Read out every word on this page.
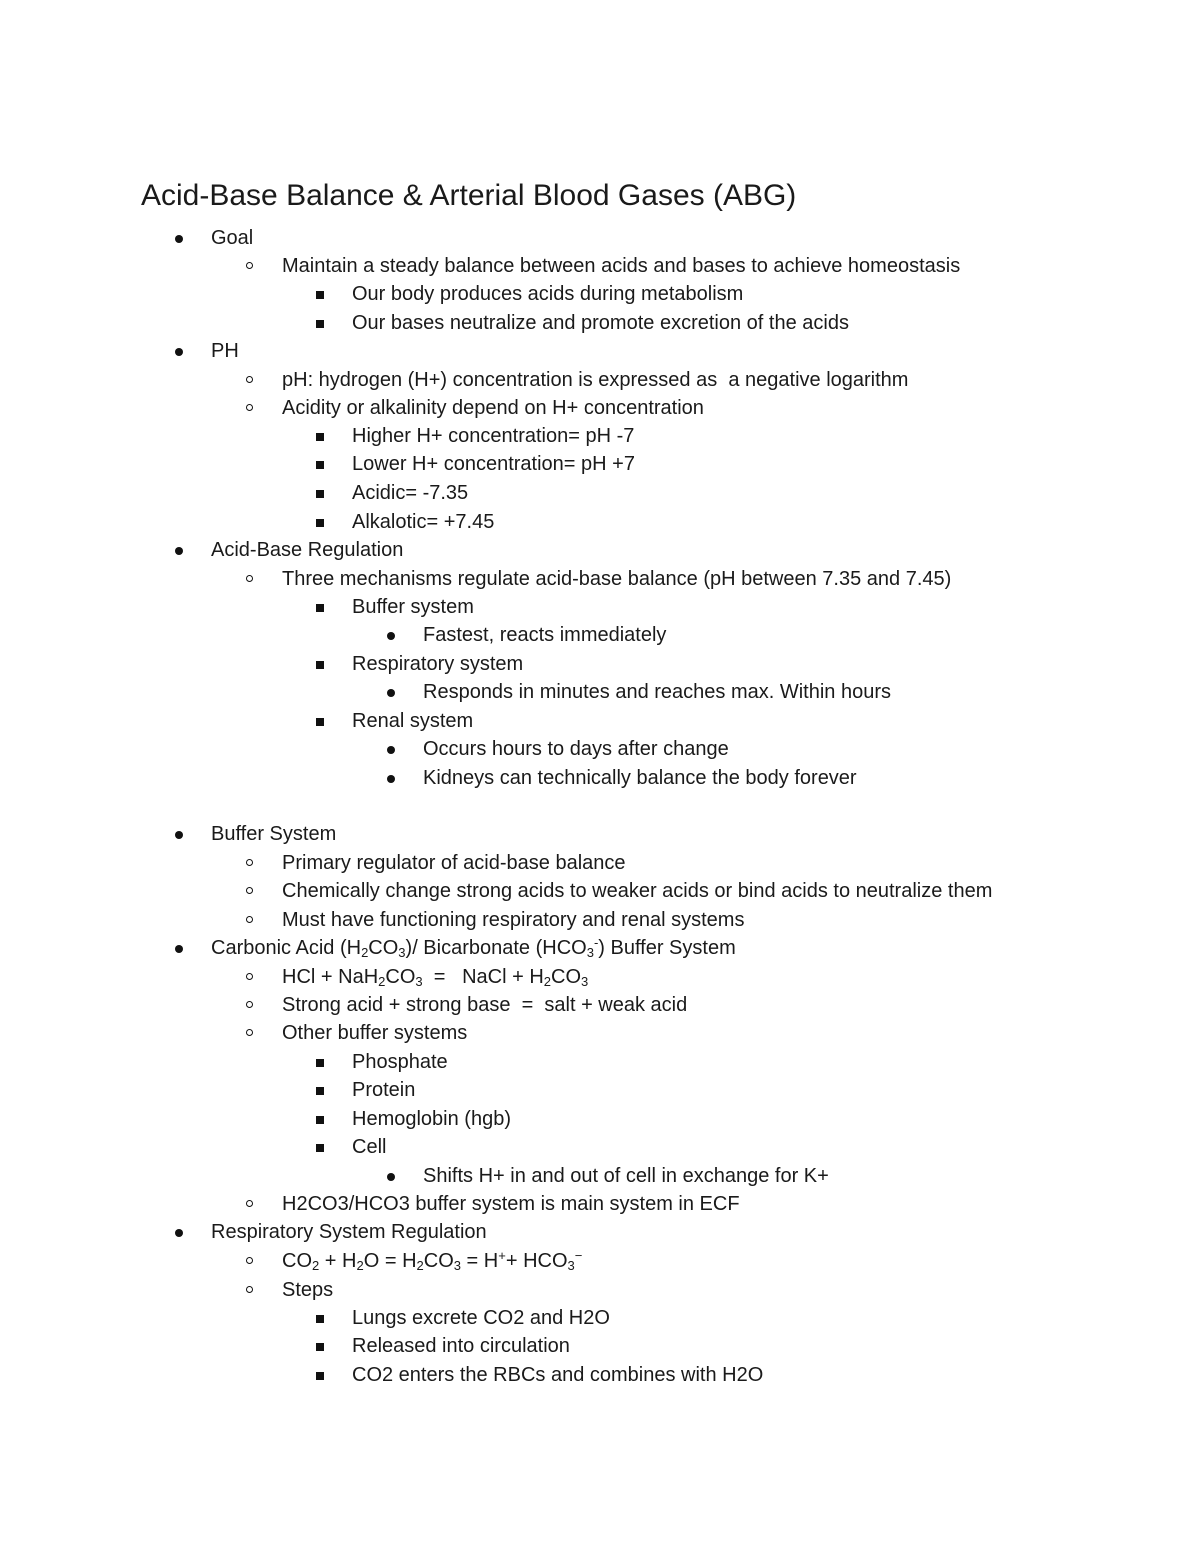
Acid-Base Balance & Arterial Blood Gases (ABG)
Goal
Maintain a steady balance between acids and bases to achieve homeostasis
Our body produces acids during metabolism
Our bases neutralize and promote excretion of the acids
PH
pH: hydrogen (H+) concentration is expressed as  a negative logarithm
Acidity or alkalinity depend on H+ concentration
Higher H+ concentration= pH -7
Lower H+ concentration= pH +7
Acidic= -7.35
Alkalotic= +7.45
Acid-Base Regulation
Three mechanisms regulate acid-base balance (pH between 7.35 and 7.45)
Buffer system
Fastest, reacts immediately
Respiratory system
Responds in minutes and reaches max. Within hours
Renal system
Occurs hours to days after change
Kidneys can technically balance the body forever
Buffer System
Primary regulator of acid-base balance
Chemically change strong acids to weaker acids or bind acids to neutralize them
Must have functioning respiratory and renal systems
Carbonic Acid $(H_2CO_3)/$ Bicarbonate $(HCO_3^-)$ Buffer System
HCl + $NaH_2CO_3$  =   NaCl + $H_2CO_3$
Strong acid + strong base  =  salt + weak acid
Other buffer systems
Phosphate
Protein
Hemoglobin (hgb)
Cell
Shifts H+ in and out of cell in exchange for K+
H2CO3/HCO3 buffer system is main system in ECF
Respiratory System Regulation
$CO_2 + H_2O = H_2CO_3 = H^++ HCO_3^-$
Steps
Lungs excrete CO2 and H2O
Released into circulation
CO2 enters the RBCs and combines with H2O
